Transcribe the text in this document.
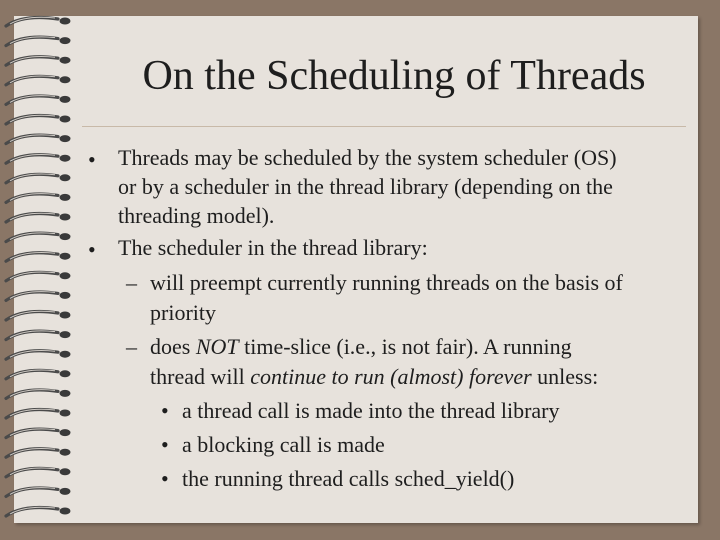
On the Scheduling of Threads
• Threads may be scheduled by the system scheduler (OS)
or by a scheduler in the thread library (depending on the
threading model).
• The scheduler in the thread library:
– will preempt currently running threads on the basis of
priority
– does NOT time-slice (i.e., is not fair). A running
thread will continue to run (almost) forever unless:
• a thread call is made into the thread library
• a blocking call is made
• the running thread calls sched_yield()
